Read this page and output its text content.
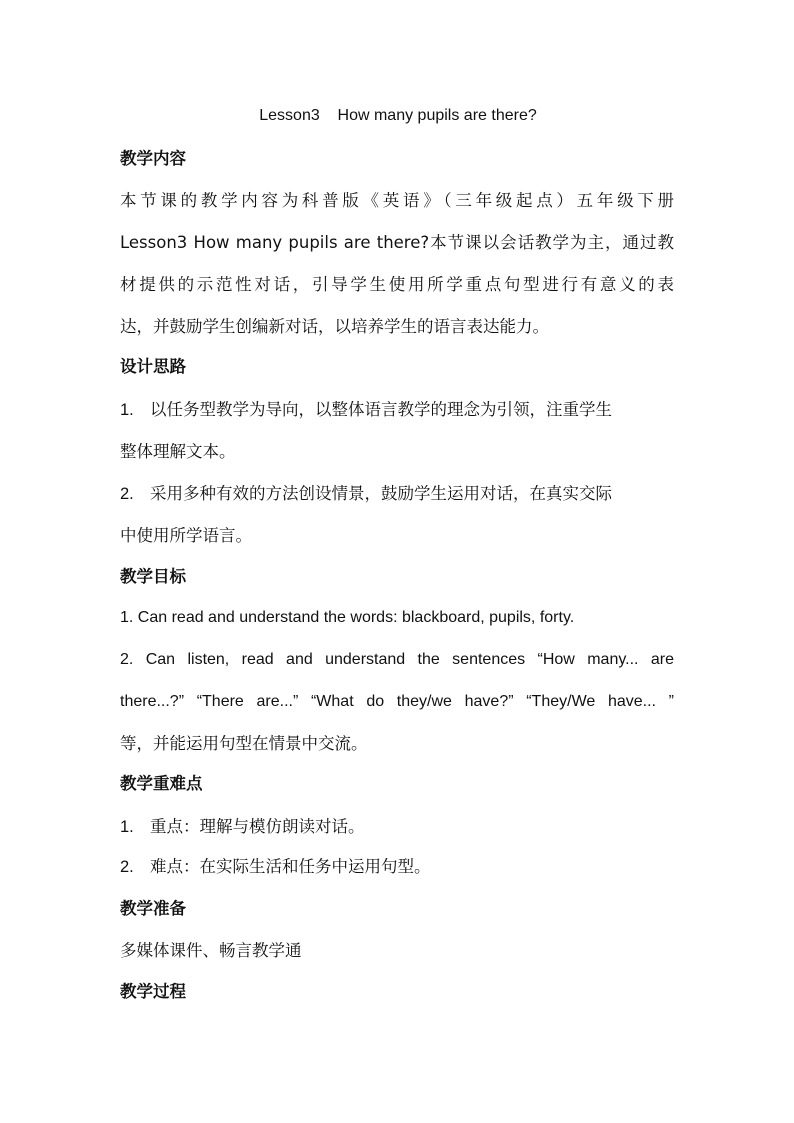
Lesson3    How many pupils are there?
教学内容
本节课的教学内容为科普版《英语》（三年级起点）五年级下册
Lesson3 How many pupils are there?本节课以会话教学为主，通过教
材提供的示范性对话，引导学生使用所学重点句型进行有意义的表
达，并鼓励学生创编新对话，以培养学生的语言表达能力。
设计思路
1. 以任务型教学为导向，以整体语言教学的理念为引领，注重学生
整体理解文本。
2. 采用多种有效的方法创设情景，鼓励学生运用对话，在真实交际
中使用所学语言。
教学目标
1. Can read and understand the words: blackboard, pupils, forty.
2. Can listen, read and understand the sentences “How many... are
there...?” “There are...” “What do they/we have?” “They/We have... ”
等，并能运用句型在情景中交流。
教学重难点
1. 重点：理解与模仿朗读对话。
2. 难点：在实际生活和任务中运用句型。
教学准备
多媒体课件、畅言教学通
教学过程
